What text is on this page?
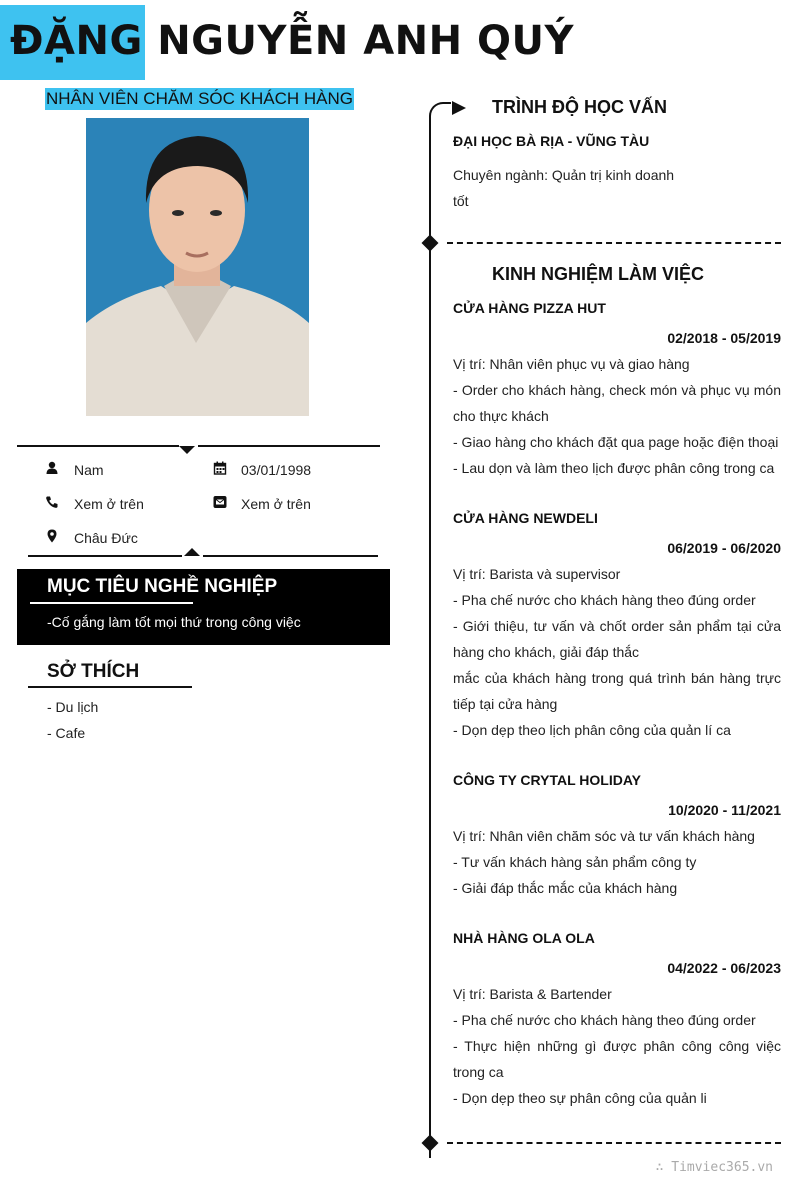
ĐẶNG NGUYỄN ANH QUÝ
NHÂN VIÊN CHĂM SÓC KHÁCH HÀNG
Nam	03/01/1998
Xem ở trên	Xem ở trên
Châu Đức
MỤC TIÊU NGHỀ NGHIỆP
-Cố gắng làm tốt mọi thứ trong công việc
SỞ THÍCH
- Du lịch
- Cafe
TRÌNH ĐỘ HỌC VẤN
ĐẠI HỌC BÀ RỊA - VŨNG TÀU
Chuyên ngành: Quản trị kinh doanh
tốt
KINH NGHIỆM LÀM VIỆC
CỬA HÀNG PIZZA HUT
02/2018 - 05/2019
Vị trí: Nhân viên phục vụ và giao hàng
- Order cho khách hàng, check món và phục vụ món cho thực khách
- Giao hàng cho khách đặt qua page hoặc điện thoại
- Lau dọn và làm theo lịch được phân công trong ca
CỬA HÀNG NEWDELI
06/2019 - 06/2020
Vị trí: Barista và supervisor
- Pha chế nước cho khách hàng theo đúng order
- Giới thiệu, tư vấn và chốt order sản phẩm tại cửa hàng cho khách, giải đáp thắc
mắc của khách hàng trong quá trình bán hàng trực tiếp tại cửa hàng
- Dọn dẹp theo lịch phân công của quản lí ca
CÔNG TY CRYTAL HOLIDAY
10/2020 - 11/2021
Vị trí: Nhân viên chăm sóc và tư vấn khách hàng
- Tư vấn khách hàng sản phẩm công ty
- Giải đáp thắc mắc của khách hàng
NHÀ HÀNG OLA OLA
04/2022 - 06/2023
Vị trí: Barista & Bartender
- Pha chế nước cho khách hàng theo đúng order
- Thực hiện những gì được phân công công việc trong ca
- Dọn dẹp theo sự phân công của quản li
∴ Timviec365.vn
